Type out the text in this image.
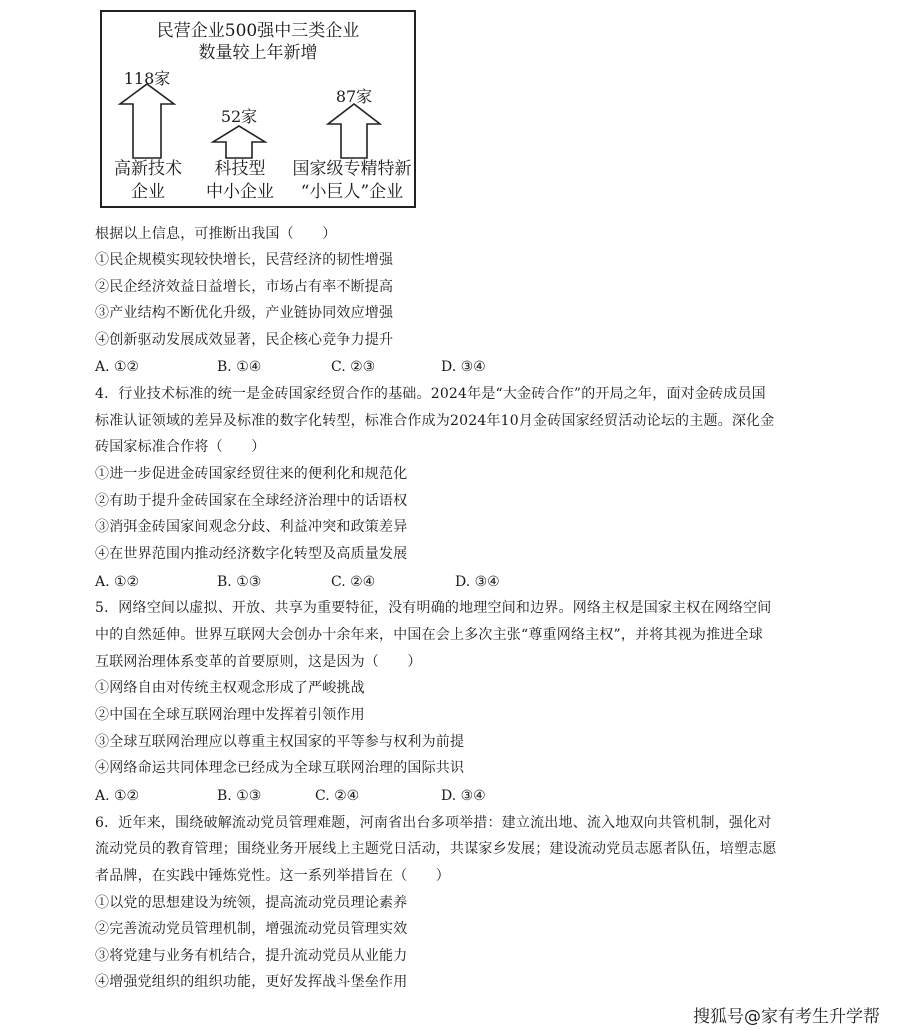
民营企业500强中三类企业
数量较上年新增
118家
52家
87家
高新技术
企业
科技型
中小企业
国家级专精特新
“小巨人”企业
根据以上信息，可推断出我国（　　）
①民企规模实现较快增长，民营经济的韧性增强
②民企经济效益日益增长，市场占有率不断提高
③产业结构不断优化升级，产业链协同效应增强
④创新驱动发展成效显著，民企核心竞争力提升
A. ①②	B. ①④	C. ②③	D. ③④
4．行业技术标准的统一是金砖国家经贸合作的基础。2024年是“大金砖合作”的开局之年，面对金砖成员国
标准认证领域的差异及标准的数字化转型，标准合作成为2024年10月金砖国家经贸活动论坛的主题。深化金
砖国家标准合作将（　　）
①进一步促进金砖国家经贸往来的便利化和规范化
②有助于提升金砖国家在全球经济治理中的话语权
③消弭金砖国家间观念分歧、利益冲突和政策差异
④在世界范围内推动经济数字化转型及高质量发展
A. ①②	B. ①③	C. ②④	D. ③④
5．网络空间以虚拟、开放、共享为重要特征，没有明确的地理空间和边界。网络主权是国家主权在网络空间
中的自然延伸。世界互联网大会创办十余年来，中国在会上多次主张“尊重网络主权”，并将其视为推进全球
互联网治理体系变革的首要原则，这是因为（　　）
①网络自由对传统主权观念形成了严峻挑战
②中国在全球互联网治理中发挥着引领作用
③全球互联网治理应以尊重主权国家的平等参与权利为前提
④网络命运共同体理念已经成为全球互联网治理的国际共识
A. ①②	B. ①③	C. ②④	D. ③④
6．近年来，围绕破解流动党员管理难题，河南省出台多项举措：建立流出地、流入地双向共管机制，强化对
流动党员的教育管理；围绕业务开展线上主题党日活动，共谋家乡发展；建设流动党员志愿者队伍，培塑志愿
者品牌，在实践中锤炼党性。这一系列举措旨在（　　）
①以党的思想建设为统领，提高流动党员理论素养
②完善流动党员管理机制，增强流动党员管理实效
③将党建与业务有机结合，提升流动党员从业能力
④增强党组织的组织功能，更好发挥战斗堡垒作用
搜狐号@家有考生升学帮
